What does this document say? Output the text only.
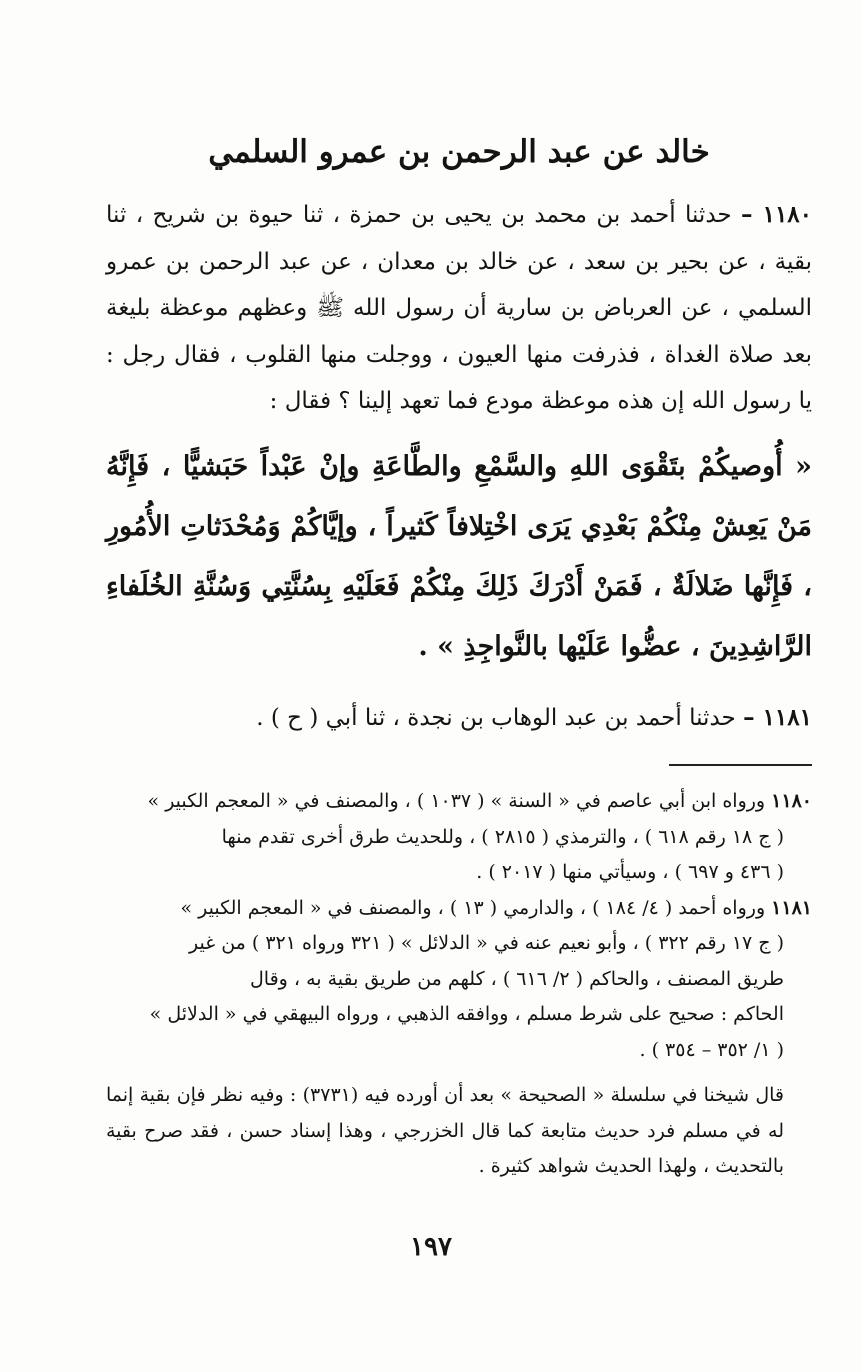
خالد عن عبد الرحمن بن عمرو السلمي

١١٨٠ – حدثنا أحمد بن محمد بن يحيى بن حمزة ، ثنا حيوة بن شريح ، ثنا بقية ، عن بحير بن سعد ، عن خالد بن معدان ، عن عبد الرحمن بن عمرو السلمي ، عن العرباض بن سارية أن رسول الله ﷺ وعظهم موعظة بليغة بعد صلاة الغداة ، فذرفت منها العيون ، ووجلت منها القلوب ، فقال رجل : يا رسول الله إن هذه موعظة مودع فما تعهد إلينا ؟ فقال :

« أُوصيكُمْ بتَقْوَى اللهِ والسَّمْعِ والطَّاعَةِ وإنْ عَبْداً حَبَشيًّا ، فَإِنَّهُ مَنْ يَعِشْ مِنْكُمْ بَعْدِي يَرَى اخْتِلافاً كَثيراً ، وإيَّاكُمْ وَمُحْدَثاتِ الأُمُورِ ، فَإِنَّها ضَلالَةٌ ، فَمَنْ أَدْرَكَ ذَلِكَ مِنْكُمْ فَعَلَيْهِ بِسُنَّتِي وَسُنَّةِ الخُلَفاءِ الرَّاشِدِينَ ، عضُّوا عَلَيْها بالنَّواجِذِ » .

١١٨١ – حدثنا أحمد بن عبد الوهاب بن نجدة ، ثنا أبي ( ح ) .

١١٨٠ ورواه ابن أبي عاصم في « السنة » ( ١٠٣٧ ) ، والمصنف في « المعجم الكبير »
( ج ١٨ رقم ٦١٨ ) ، والترمذي ( ٢٨١٥ ) ، وللحديث طرق أخرى تقدم منها
( ٤٣٦ و ٦٩٧ ) ، وسيأتي منها ( ٢٠١٧ ) .

١١٨١ ورواه أحمد ( ٤/ ١٨٤ ) ، والدارمي ( ١٣ ) ، والمصنف في « المعجم الكبير »
( ج ١٧ رقم ٣٢٢ ) ، وأبو نعيم عنه في « الدلائل » ( ٣٢١ ورواه ٣٢١ ) من غير
طريق المصنف ، والحاكم ( ٢/ ٦١٦ ) ، كلهم من طريق بقية به ، وقال
الحاكم : صحيح على شرط مسلم ، ووافقه الذهبي ، ورواه البيهقي في « الدلائل »
( ١/ ٣٥٢ – ٣٥٤ ) .

قال شيخنا في سلسلة « الصحيحة » بعد أن أورده فيه (٣٧٣١) : وفيه نظر فإن بقية إنما له في مسلم فرد حديث متابعة كما قال الخزرجي ، وهذا إسناد حسن ، فقد صرح بقية بالتحديث ، ولهذا الحديث شواهد كثيرة .

١٩٧
